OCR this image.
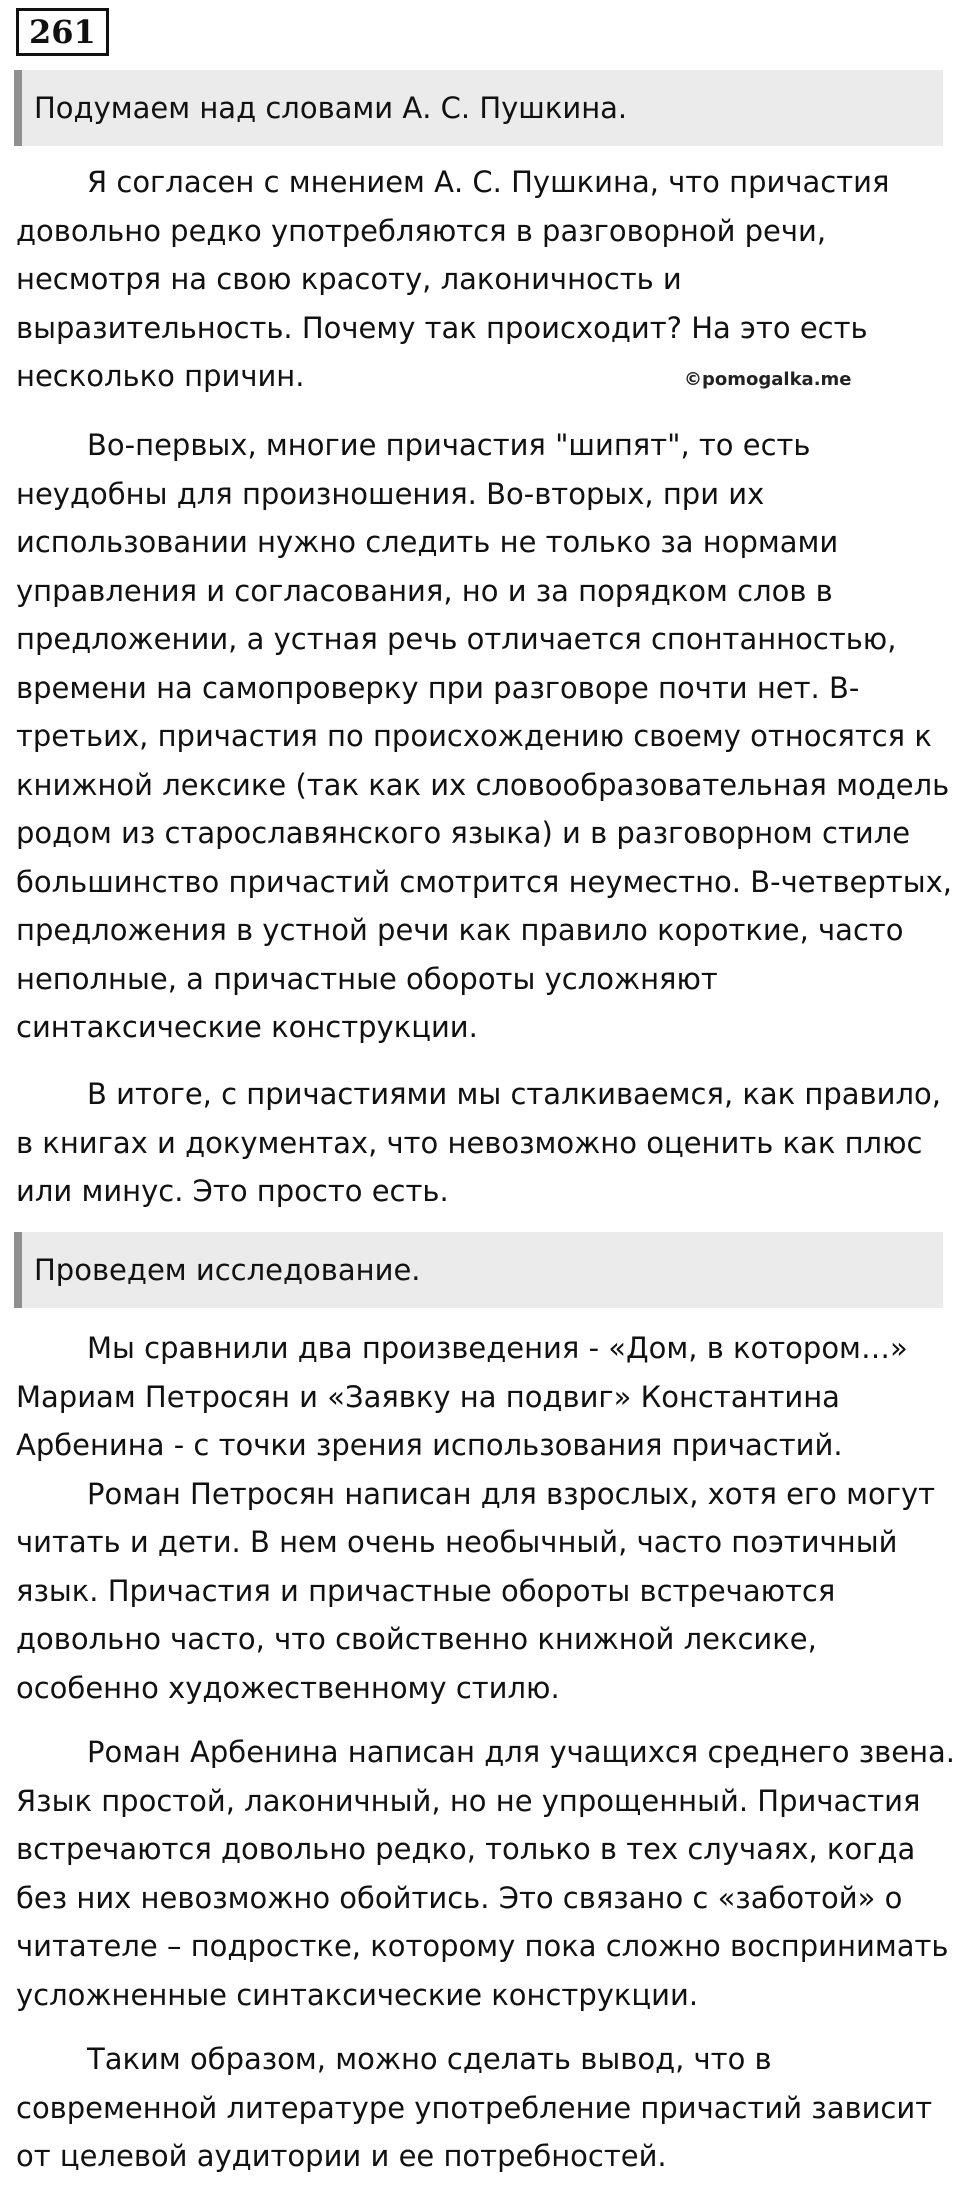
261
Подумаем над словами А. С. Пушкина.
Я согласен с мнением А. С. Пушкина, что причастия
довольно редко употребляются в разговорной речи,
несмотря на свою красоту, лаконичность и
выразительность. Почему так происходит? На это есть
несколько причин.	©pomogalka.me
Во-первых, многие причастия "шипят", то есть
неудобны для произношения. Во-вторых, при их
использовании нужно следить не только за нормами
управления и согласования, но и за порядком слов в
предложении, а устная речь отличается спонтанностью,
времени на самопроверку при разговоре почти нет. В-
третьих, причастия по происхождению своему относятся к
книжной лексике (так как их словообразовательная модель
родом из старославянского языка) и в разговорном стиле
большинство причастий смотрится неуместно. В-четвертых,
предложения в устной речи как правило короткие, часто
неполные, а причастные обороты усложняют
синтаксические конструкции.
В итоге, с причастиями мы сталкиваемся, как правило,
в книгах и документах, что невозможно оценить как плюс
или минус. Это просто есть.
Проведем исследование.
Мы сравнили два произведения - «Дом, в котором…»
Мариам Петросян и «Заявку на подвиг» Константина
Арбенина - с точки зрения использования причастий.
Роман Петросян написан для взрослых, хотя его могут
читать и дети. В нем очень необычный, часто поэтичный
язык. Причастия и причастные обороты встречаются
довольно часто, что свойственно книжной лексике,
особенно художественному стилю.
Роман Арбенина написан для учащихся среднего звена.
Язык простой, лаконичный, но не упрощенный. Причастия
встречаются довольно редко, только в тех случаях, когда
без них невозможно обойтись. Это связано с «заботой» о
читателе – подростке, которому пока сложно воспринимать
усложненные синтаксические конструкции.
Таким образом, можно сделать вывод, что в
современной литературе употребление причастий зависит
от целевой аудитории и ее потребностей.
